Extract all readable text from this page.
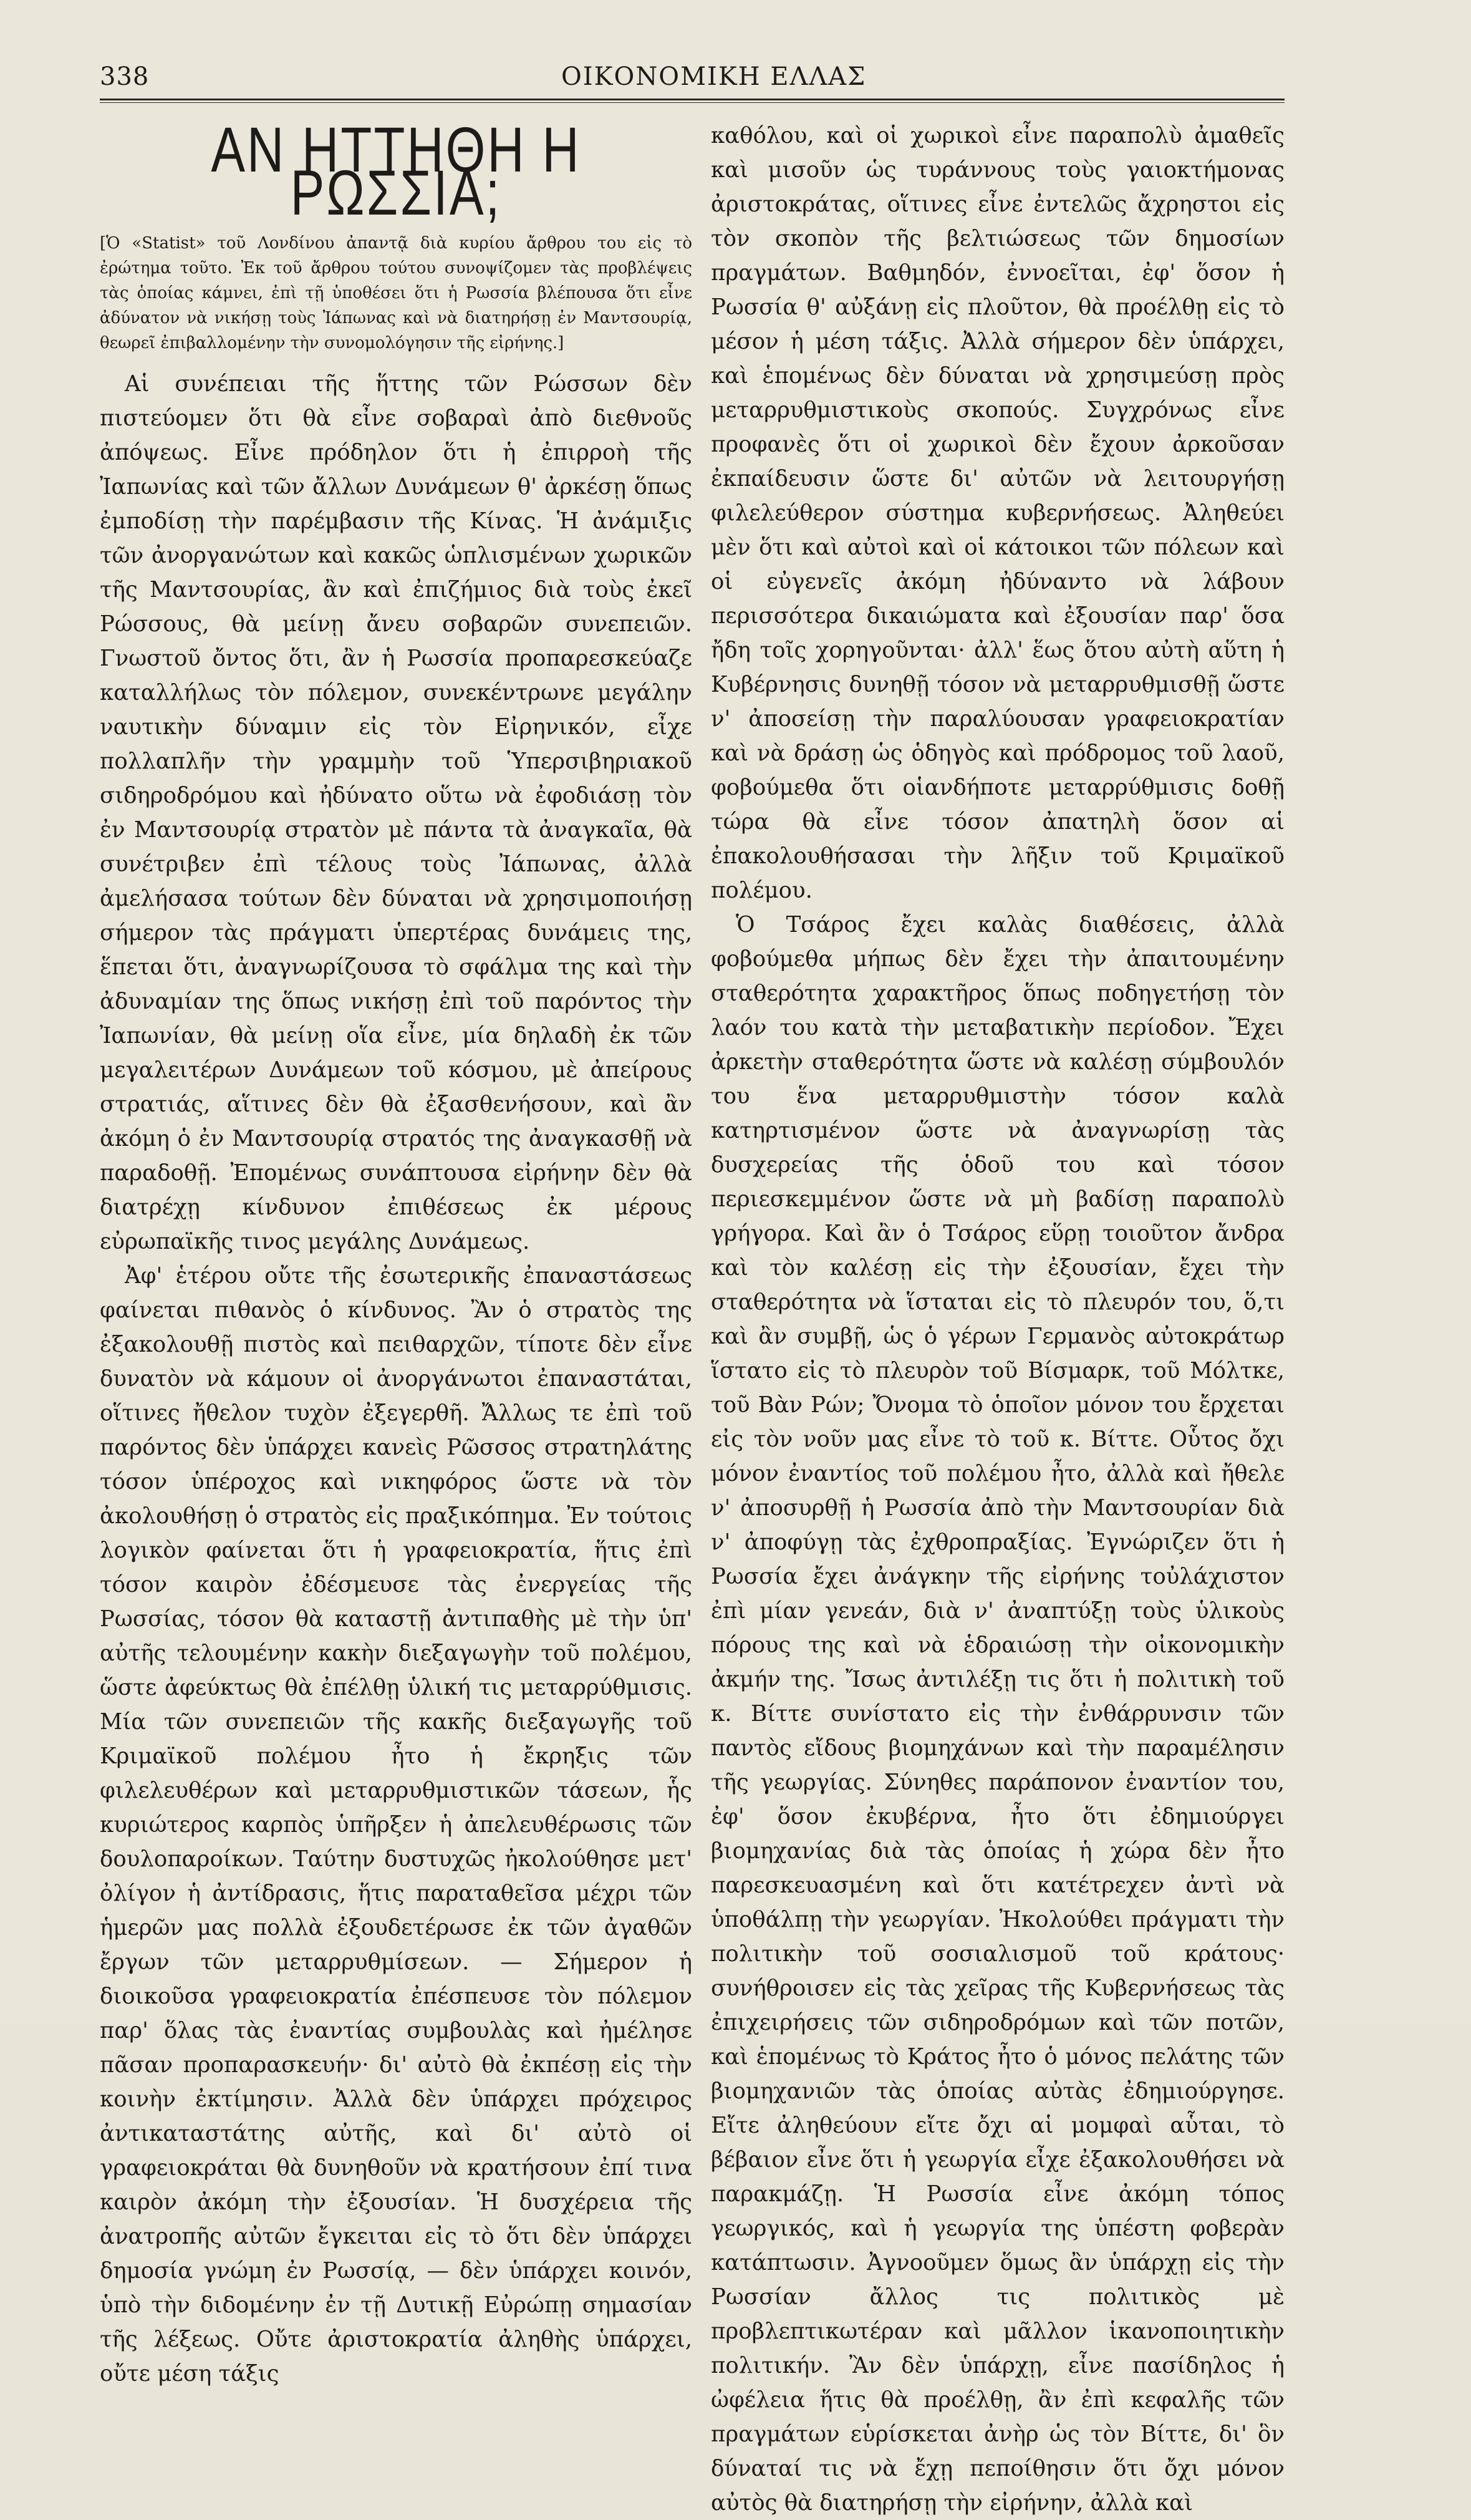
338	ΟΙΚΟΝΟΜΙΚΗ ΕΛΛΑΣ
ΑΝ ΗΤΤΗΘΗ Η ΡΩΣΣΙΑ;
[Ὁ «Statist» τοῦ Λονδίνου ἀπαντᾷ διὰ κυρίου ἄρθρου του εἰς τὸ ἐρώτημα τοῦτο. Ἐκ τοῦ ἄρθρου τούτου συνοψίζομεν τὰς προβλέψεις τὰς ὁποίας κάμνει, ἐπὶ τῇ ὑποθέσει ὅτι ἡ Ρωσσία βλέπουσα ὅτι εἶνε ἀδύνατον νὰ νικήσῃ τοὺς Ἰάπωνας καὶ νὰ διατηρήσῃ ἐν Μαντσουρίᾳ, θεωρεῖ ἐπιβαλλομένην τὴν συνομολόγησιν τῆς εἰρήνης.]

Αἱ συνέπειαι τῆς ἥττης τῶν Ρώσσων δὲν πιστεύομεν ὅτι θὰ εἶνε σοβαραὶ ἀπὸ διεθνοῦς ἀπόψεως. Εἶνε πρόδηλον ὅτι ἡ ἐπιρροὴ τῆς Ἰαπωνίας καὶ τῶν ἄλλων Δυνάμεων θ' ἀρκέσῃ ὅπως ἐμποδίσῃ τὴν παρέμβασιν τῆς Κίνας. Ἡ ἀνάμιξις τῶν ἀνοργανώτων καὶ κακῶς ὡπλισμένων χωρικῶν τῆς Μαντσουρίας, ἂν καὶ ἐπιζήμιος διὰ τοὺς ἐκεῖ Ρώσσους, θὰ μείνῃ ἄνευ σοβαρῶν συνεπειῶν. Γνωστοῦ ὄντος ὅτι, ἂν ἡ Ρωσσία προπαρεσκεύαζε καταλλήλως τὸν πόλεμον, συνεκέντρωνε μεγάλην ναυτικὴν δύναμιν εἰς τὸν Εἰρηνικόν, εἶχε πολλαπλῆν τὴν γραμμὴν τοῦ Ὑπερσιβηριακοῦ σιδηροδρόμου καὶ ἠδύνατο οὕτω νὰ ἐφοδιάσῃ τὸν ἐν Μαντσουρίᾳ στρατὸν μὲ πάντα τὰ ἀναγκαῖα, θὰ συνέτριβεν ἐπὶ τέλους τοὺς Ἰάπωνας, ἀλλὰ ἀμελήσασα τούτων δὲν δύναται νὰ χρησιμοποιήσῃ σήμερον τὰς πράγματι ὑπερτέρας δυνάμεις της, ἕπεται ὅτι, ἀναγνωρίζουσα τὸ σφάλμα της καὶ τὴν ἀδυναμίαν της ὅπως νικήσῃ ἐπὶ τοῦ παρόντος τὴν Ἰαπωνίαν, θὰ μείνῃ οἵα εἶνε, μία δηλαδὴ ἐκ τῶν μεγαλειτέρων Δυνάμεων τοῦ κόσμου, μὲ ἀπείρους στρατιάς, αἵτινες δὲν θὰ ἐξασθενήσουν, καὶ ἂν ἀκόμη ὁ ἐν Μαντσουρίᾳ στρατός της ἀναγκασθῇ νὰ παραδοθῇ. Ἐπομένως συνάπτουσα εἰρήνην δὲν θὰ διατρέχῃ κίνδυνον ἐπιθέσεως ἐκ μέρους εὐρωπαϊκῆς τινος μεγάλης Δυνάμεως.

Ἀφ' ἑτέρου οὔτε τῆς ἐσωτερικῆς ἐπαναστάσεως φαίνεται πιθανὸς ὁ κίνδυνος. Ἂν ὁ στρατὸς της ἐξακολουθῇ πιστὸς καὶ πειθαρχῶν, τίποτε δὲν εἶνε δυνατὸν νὰ κάμουν οἱ ἀνοργάνωτοι ἐπαναστάται, οἵτινες ἤθελον τυχὸν ἐξεγερθῆ. Ἄλλως τε ἐπὶ τοῦ παρόντος δὲν ὑπάρχει κανεὶς Ρῶσσος στρατηλάτης τόσον ὑπέροχος καὶ νικηφόρος ὥστε νὰ τὸν ἀκολουθήσῃ ὁ στρατὸς εἰς πραξικόπημα. Ἐν τούτοις λογικὸν φαίνεται ὅτι ἡ γραφειοκρατία, ἥτις ἐπὶ τόσον καιρὸν ἐδέσμευσε τὰς ἐνεργείας τῆς Ρωσσίας, τόσον θὰ καταστῇ ἀντιπαθὴς μὲ τὴν ὑπ' αὐτῆς τελουμένην κακὴν διεξαγωγὴν τοῦ πολέμου, ὥστε ἀφεύκτως θὰ ἐπέλθῃ ὑλική τις μεταρρύθμισις. Μία τῶν συνεπειῶν τῆς κακῆς διεξαγωγῆς τοῦ Κριμαϊκοῦ πολέμου ἦτο ἡ ἔκρηξις τῶν φιλελευθέρων καὶ μεταρρυθμιστικῶν τάσεων, ἧς κυριώτερος καρπὸς ὑπῆρξεν ἡ ἀπελευθέρωσις τῶν δουλοπαροίκων. Ταύτην δυστυχῶς ἠκολούθησε μετ' ὀλίγον ἡ ἀντίδρασις, ἥτις παραταθεῖσα μέχρι τῶν ἡμερῶν μας πολλὰ ἐξουδετέρωσε ἐκ τῶν ἀγαθῶν ἔργων τῶν μεταρρυθμίσεων. — Σήμερον ἡ διοικοῦσα γραφειοκρατία ἐπέσπευσε τὸν πόλεμον παρ' ὅλας τὰς ἐναντίας συμβουλὰς καὶ ἠμέλησε πᾶσαν προπαρασκευήν· δι' αὐτὸ θὰ ἐκπέσῃ εἰς τὴν κοινὴν ἐκτίμησιν. Ἀλλὰ δὲν ὑπάρχει πρόχειρος ἀντικαταστάτης αὐτῆς, καὶ δι' αὐτὸ οἱ γραφειοκράται θὰ δυνηθοῦν νὰ κρατήσουν ἐπί τινα καιρὸν ἀκόμη τὴν ἐξουσίαν. Ἡ δυσχέρεια τῆς ἀνατροπῆς αὐτῶν ἔγκειται εἰς τὸ ὅτι δὲν ὑπάρχει δημοσία γνώμη ἐν Ρωσσίᾳ, — δὲν ὑπάρχει κοινόν, ὑπὸ τὴν διδομένην ἐν τῇ Δυτικῇ Εὐρώπῃ σημασίαν τῆς λέξεως. Οὔτε ἀριστοκρατία ἀληθὴς ὑπάρχει, οὔτε μέση τάξις

καθόλου, καὶ οἱ χωρικοὶ εἶνε παραπολὺ ἀμαθεῖς καὶ μισοῦν ὡς τυράννους τοὺς γαιοκτήμονας ἀριστοκράτας, οἵτινες εἶνε ἐντελῶς ἄχρηστοι εἰς τὸν σκοπὸν τῆς βελτιώσεως τῶν δημοσίων πραγμάτων. Βαθμηδόν, ἐννοεῖται, ἐφ' ὅσον ἡ Ρωσσία θ' αὐξάνῃ εἰς πλοῦτον, θὰ προέλθῃ εἰς τὸ μέσον ἡ μέση τάξις. Ἀλλὰ σήμερον δὲν ὑπάρχει, καὶ ἑπομένως δὲν δύναται νὰ χρησιμεύσῃ πρὸς μεταρρυθμιστικοὺς σκοπούς. Συγχρόνως εἶνε προφανὲς ὅτι οἱ χωρικοὶ δὲν ἔχουν ἀρκοῦσαν ἐκπαίδευσιν ὥστε δι' αὐτῶν νὰ λειτουργήσῃ φιλελεύθερον σύστημα κυβερνήσεως. Ἀληθεύει μὲν ὅτι καὶ αὐτοὶ καὶ οἱ κάτοικοι τῶν πόλεων καὶ οἱ εὐγενεῖς ἀκόμη ἠδύναντο νὰ λάβουν περισσότερα δικαιώματα καὶ ἐξουσίαν παρ' ὅσα ἤδη τοῖς χορηγοῦνται· ἀλλ' ἕως ὅτου αὐτὴ αὕτη ἡ Κυβέρνησις δυνηθῇ τόσον νὰ μεταρρυθμισθῇ ὥστε ν' ἀποσείσῃ τὴν παραλύουσαν γραφειοκρατίαν καὶ νὰ δράσῃ ὡς ὁδηγὸς καὶ πρόδρομος τοῦ λαοῦ, φοβούμεθα ὅτι οἱανδήποτε μεταρρύθμισις δοθῇ τώρα θὰ εἶνε τόσον ἀπατηλὴ ὅσον αἱ ἐπακολουθήσασαι τὴν λῆξιν τοῦ Κριμαϊκοῦ πολέμου.

Ὁ Τσάρος ἔχει καλὰς διαθέσεις, ἀλλὰ φοβούμεθα μήπως δὲν ἔχει τὴν ἀπαιτουμένην σταθερότητα χαρακτῆρος ὅπως ποδηγετήσῃ τὸν λαόν του κατὰ τὴν μεταβατικὴν περίοδον. Ἔχει ἀρκετὴν σταθερότητα ὥστε νὰ καλέσῃ σύμβουλόν του ἕνα μεταρρυθμιστὴν τόσον καλὰ κατηρτισμένον ὥστε νὰ ἀναγνωρίσῃ τὰς δυσχερείας τῆς ὁδοῦ του καὶ τόσον περιεσκεμμένον ὥστε νὰ μὴ βαδίσῃ παραπολὺ γρήγορα. Καὶ ἂν ὁ Τσάρος εὕρῃ τοιοῦτον ἄνδρα καὶ τὸν καλέσῃ εἰς τὴν ἐξουσίαν, ἔχει τὴν σταθερότητα νὰ ἵσταται εἰς τὸ πλευρόν του, ὅ,τι καὶ ἂν συμβῇ, ὡς ὁ γέρων Γερμανὸς αὐτοκράτωρ ἵστατο εἰς τὸ πλευρὸν τοῦ Βίσμαρκ, τοῦ Μόλτκε, τοῦ Βὰν Ρών; Ὄνομα τὸ ὁποῖον μόνον του ἔρχεται εἰς τὸν νοῦν μας εἶνε τὸ τοῦ κ. Βίττε. Οὗτος ὄχι μόνον ἐναντίος τοῦ πολέμου ἦτο, ἀλλὰ καὶ ἤθελε ν' ἀποσυρθῇ ἡ Ρωσσία ἀπὸ τὴν Μαντσουρίαν διὰ ν' ἀποφύγῃ τὰς ἐχθροπραξίας. Ἐγνώριζεν ὅτι ἡ Ρωσσία ἔχει ἀνάγκην τῆς εἰρήνης τοὐλάχιστον ἐπὶ μίαν γενεάν, διὰ ν' ἀναπτύξῃ τοὺς ὑλικοὺς πόρους της καὶ νὰ ἑδραιώσῃ τὴν οἰκονομικὴν ἀκμήν της. Ἴσως ἀντιλέξῃ τις ὅτι ἡ πολιτικὴ τοῦ κ. Βίττε συνίστατο εἰς τὴν ἐνθάρρυνσιν τῶν παντὸς εἴδους βιομηχάνων καὶ τὴν παραμέλησιν τῆς γεωργίας. Σύνηθες παράπονον ἐναντίον του, ἐφ' ὅσον ἐκυβέρνα, ἦτο ὅτι ἐδημιούργει βιομηχανίας διὰ τὰς ὁποίας ἡ χώρα δὲν ἦτο παρεσκευασμένη καὶ ὅτι κατέτρεχεν ἀντὶ νὰ ὑποθάλπῃ τὴν γεωργίαν. Ἠκολούθει πράγματι τὴν πολιτικὴν τοῦ σοσιαλισμοῦ τοῦ κράτους· συνήθροισεν εἰς τὰς χεῖρας τῆς Κυβερνήσεως τὰς ἐπιχειρήσεις τῶν σιδηροδρόμων καὶ τῶν ποτῶν, καὶ ἑπομένως τὸ Κράτος ἦτο ὁ μόνος πελάτης τῶν βιομηχανιῶν τὰς ὁποίας αὐτὰς ἐδημιούργησε. Εἴτε ἀληθεύουν εἴτε ὄχι αἱ μομφαὶ αὗται, τὸ βέβαιον εἶνε ὅτι ἡ γεωργία εἶχε ἐξακολουθήσει νὰ παρακμάζῃ. Ἡ Ρωσσία εἶνε ἀκόμη τόπος γεωργικός, καὶ ἡ γεωργία της ὑπέστη φοβερὰν κατάπτωσιν. Ἀγνοοῦμεν ὅμως ἂν ὑπάρχῃ εἰς τὴν Ρωσσίαν ἄλλος τις πολιτικὸς μὲ προβλεπτικωτέραν καὶ μᾶλλον ἱκανοποιητικὴν πολιτικήν. Ἂν δὲν ὑπάρχῃ, εἶνε πασίδηλος ἡ ὠφέλεια ἥτις θὰ προέλθῃ, ἂν ἐπὶ κεφαλῆς τῶν πραγμάτων εὑρίσκεται ἀνὴρ ὡς τὸν Βίττε, δι' ὃν δύναταί τις νὰ ἔχῃ πεποίθησιν ὅτι ὄχι μόνον αὐτὸς θὰ διατηρήσῃ τὴν εἰρήνην, ἀλλὰ καὶ
